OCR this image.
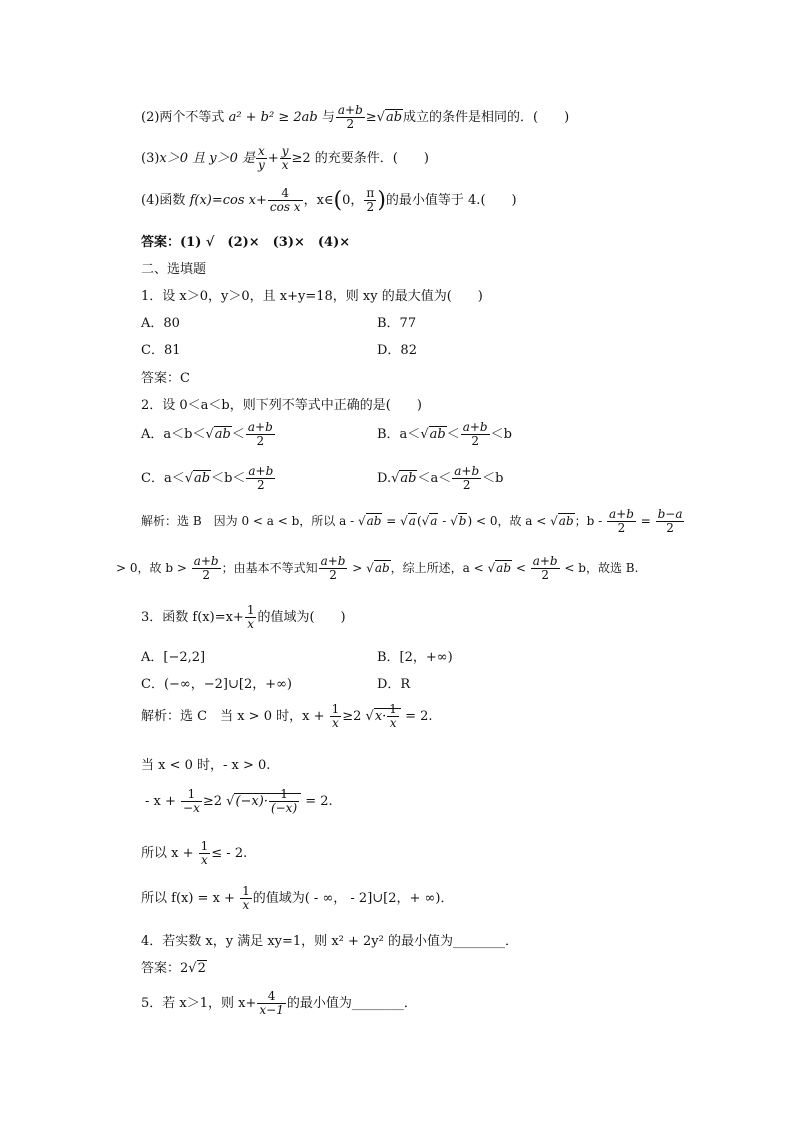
(2)两个不等式 a² + b² ≥ 2ab 与 $\frac{a+b}{2} \ge√ab$成立的条件是相同的．(　　)
(3)x＞0 且 y＞0 是 $\frac{x}{y} + \frac{y}{x} \ge 2$ 的充要条件．(　　)
(4)函数 f(x)=cos $x+ \frac{4}{\text{cos x}}$ ，x∈(0， $\frac{\pi}{2}$ )的最小值等于 4.(　　)
答案：(1) √　(2)×　(3)×　(4)×
二、选填题
1．设 x＞0，y＞0，且 x+y=18，则 xy 的最大值为(　　)
A．80	B．77
C．81	D．82
答案：C
2．设 0＜a＜b，则下列不等式中正确的是(　　)
A．$a<b<√ab< \frac{a+b}{2}$	B．$a<√ab< \frac{a+b}{2} <b$
C．$a<√ab<b< \frac{a+b}{2}$	$D.√ab<a< \frac{a+b}{2} <b$
解析：选 B　因为 0 < a < b，所以 a - √ab = √a(√a - √b) < 0，故 a < √ab；$b - \frac{a+b}{2} = \frac{b-a}{2}$
> 0，故 $b > \frac{a+b}{2}$ ；由基本不等式知 $\frac{a+b}{2} > √ab$，综上所述，$a < √ab < \frac{a+b}{2} < b$，故选 B.
3．函数 $f(x)=x+ \frac{1}{x}$ 的值域为(　　)
A．[−2,2]	B．[2，+∞)
C．(−∞，−2]∪[2，+∞)	D．R
解析：选 C　当 x > 0 时，$x + \frac{1}{x} \ge 2$ $√x\cdot \frac{1}{x} = 2$.
当 x < 0 时，- x > 0.
- $x + \frac{1}{-x} \ge 2$ $√(-x)\cdot \frac{1}{(-x)} = 2$.
所以 $x + \frac{1}{x}$ ≤ - 2.
所以 $f(x) = x + \frac{1}{x}$ 的值域为( - ∞， - 2]∪[2，+ ∞)．
4．若实数 x，y 满足 xy=1，则 x² + 2y² 的最小值为________．
答案：2√2
5．若 x＞1，则 $x+ \frac{4}{x-1}$ 的最小值为________．
